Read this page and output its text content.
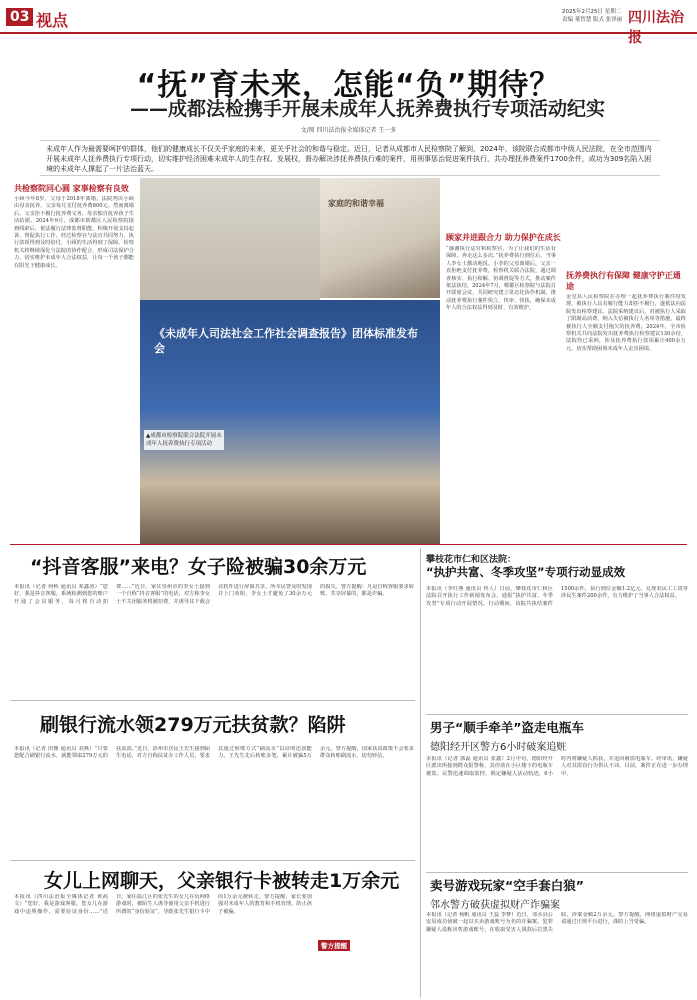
03 视点	2025年2月25日 星期二
责编 董智慧 版式 张泽丽 四川法治报
“抚”育未来，怎能“负”期待？
——成都法检携手开展未成年人抚养费执行专项活动纪实
文/图 四川法治报全媒体记者 王一多
未成年人作为最需要呵护的群体，他们的健康成长不仅关乎家庭的未来，更关乎社会的和谐与稳定。近日，记者从成都市人民检察院了解到，2024年，该院联合成都市中级人民法院，在全市范围内开展未成年人抚养费执行专项行动，切实维护经济困难未成年人的生存权、发展权，督办解决涉抚养费执行难的案件，用刑事惩治促进案件执行，共办理抚养费案件1700余件，成功为309名陷入困境的未成年人撑起了一片法治蓝天。
共检察院同心圆 家事检察有良效
小顾今年8岁，父母于2018年离婚，法院判决小顾由母亲抚养，父亲每月支付抚养费800元。然而离婚后，父亲拒不履行抚养费义务，母亲独自抚养孩子生活拮据。2024年9月，成都市新都区人民检察院接到线索后，依法履行法律监督职能，积极开展支持起诉、督促执行工作。经过检察官与法官共同努力，执行款项得到及时给付，小顾的生活得到了保障。检察机关将继续深化与法院的协作配合，形成司法保护合力，切实维护未成年人合法权益，让每一个孩子都能在阳光下健康成长。
家庭的和谐幸福
《未成年人司法社会工作社会调查报告》团体标准发布会
▲成都市检察院联合法院开展未成年人抚养费执行专项活动
顾家并进跟合力 助力保护在成长
“感谢执行法官和检察官，为了让我们的生活有保障，奔走这么多次。”抚养费执行到位后，当事人李女士激动地说。小李的父母离婚后，父亲一直拒绝支付抚养费，检察机关联合法院，通过调查核实、执行和解、协调督促等方式，推动案件依法执结。2024年7月，郫都区检察院与法院召开联席会议，共同研究建立常态化协作机制，推动抚养费执行案件快立、快审、快执，确保未成年人的合法权益得到及时、有效维护。
抚养费执行有保障 健康守护正通途
金堂县人民检察院在办理一起抚养费执行案件时发现，被执行人具有履行能力却拒不履行，遂依法向法院发出检察建议。法院采纳建议后，对被执行人采取了限制高消费、纳入失信被执行人名单等措施，最终被执行人全额支付拖欠的抚养费。2024年，全市检察机关共向法院发出抚养费执行检察建议130余份，法院均已采纳，涉及抚养费执行款项累计400余万元，切实帮助困境未成年人走出困境。
“抖音客服”来电？女子险被骗30余万元
本报讯（记者 何秋 通讯员 邓鑫涛）“您好，我是抖音客服，系统检测到您的账户开通了会员服务，每月将自动扣费……”近日，家住崇州市的李女士接到一个自称“抖音客服”的电话，对方称李女士不关闭服务将被扣费，并诱导其下载会议软件进行屏幕共享。所幸民警及时发现并上门劝阻，李女士才避免了30余万元的损失。警方提醒：凡是自称客服要求转账、共享屏幕的，都是诈骗。
刷银行流水领279万元扶贫款？陷阱
本报讯（记者 田雅 通讯员 刘燕）“只要您配合刷银行流水，就能领取279万元的扶贫款。”近日，彭州市居民王先生接到陌生电话，对方自称扶贫办工作人员，要求其通过转账方式“刷流水”以证明还款能力。王先生先后转账多笔，累计被骗5万余元。警方提醒，国家扶贫政策不会要求群众转账刷流水，切勿轻信。
女儿上网聊天，父亲银行卡被转走1万余元
本报讯（四川法治报全媒体记者 黄茜文）“您好，我是游戏客服，您女儿在游戏中违规操作，需要验证身份……”近日，家住温江区的张先生的女儿在玩网络游戏时，被陌生人诱导使用父亲手机进行所谓的“身份验证”，导致张先生银行卡中的1万余元被转走。警方提醒，家长要加强对未成年人的教育和手机管理，防止孩子被骗。
警方提醒
攀枝花市仁和区法院：
“执护共富、冬季攻坚”专项行动显成效
本报讯（李红燕 通讯员 佟人）日前，攀枝花市仁和区法院召开执行工作新闻发布会，通报“执护共富、冬季攻坚”专项行动开展情况。行动期间，该院共执结案件1500余件，执行到位金额1.2亿元，兑现农民工工资等涉民生案件200余件，有力维护了当事人合法权益。
男子“顺手牵羊”盗走电瓶车
德阳经开区警方6小时破案追赃
本报讯（记者 郭磊 通讯员 张鑫）2月中旬，德阳经开区派出所接到群众报警称，其停放在小区楼下的电瓶车被盗。民警迅速调取监控，锁定嫌疑人活动轨迹，6小时内将嫌疑人抓获，并追回被盗电瓶车。经审讯，嫌疑人对其盗窃行为供认不讳。目前，案件正在进一步办理中。
卖号游戏玩家“空手套白狼”
邻水警方破获虚拟财产诈骗案
本报讯（记者 杨帆 通讯员 王蕊 李梦）近日，邻水县公安局成功侦破一起以买卖游戏账号为名的诈骗案。犯罪嫌疑人谎称出售游戏账号，在收取受害人钱款后拉黑失联，涉案金额2万余元。警方提醒，网络虚拟财产交易请通过正规平台进行，谨防上当受骗。
